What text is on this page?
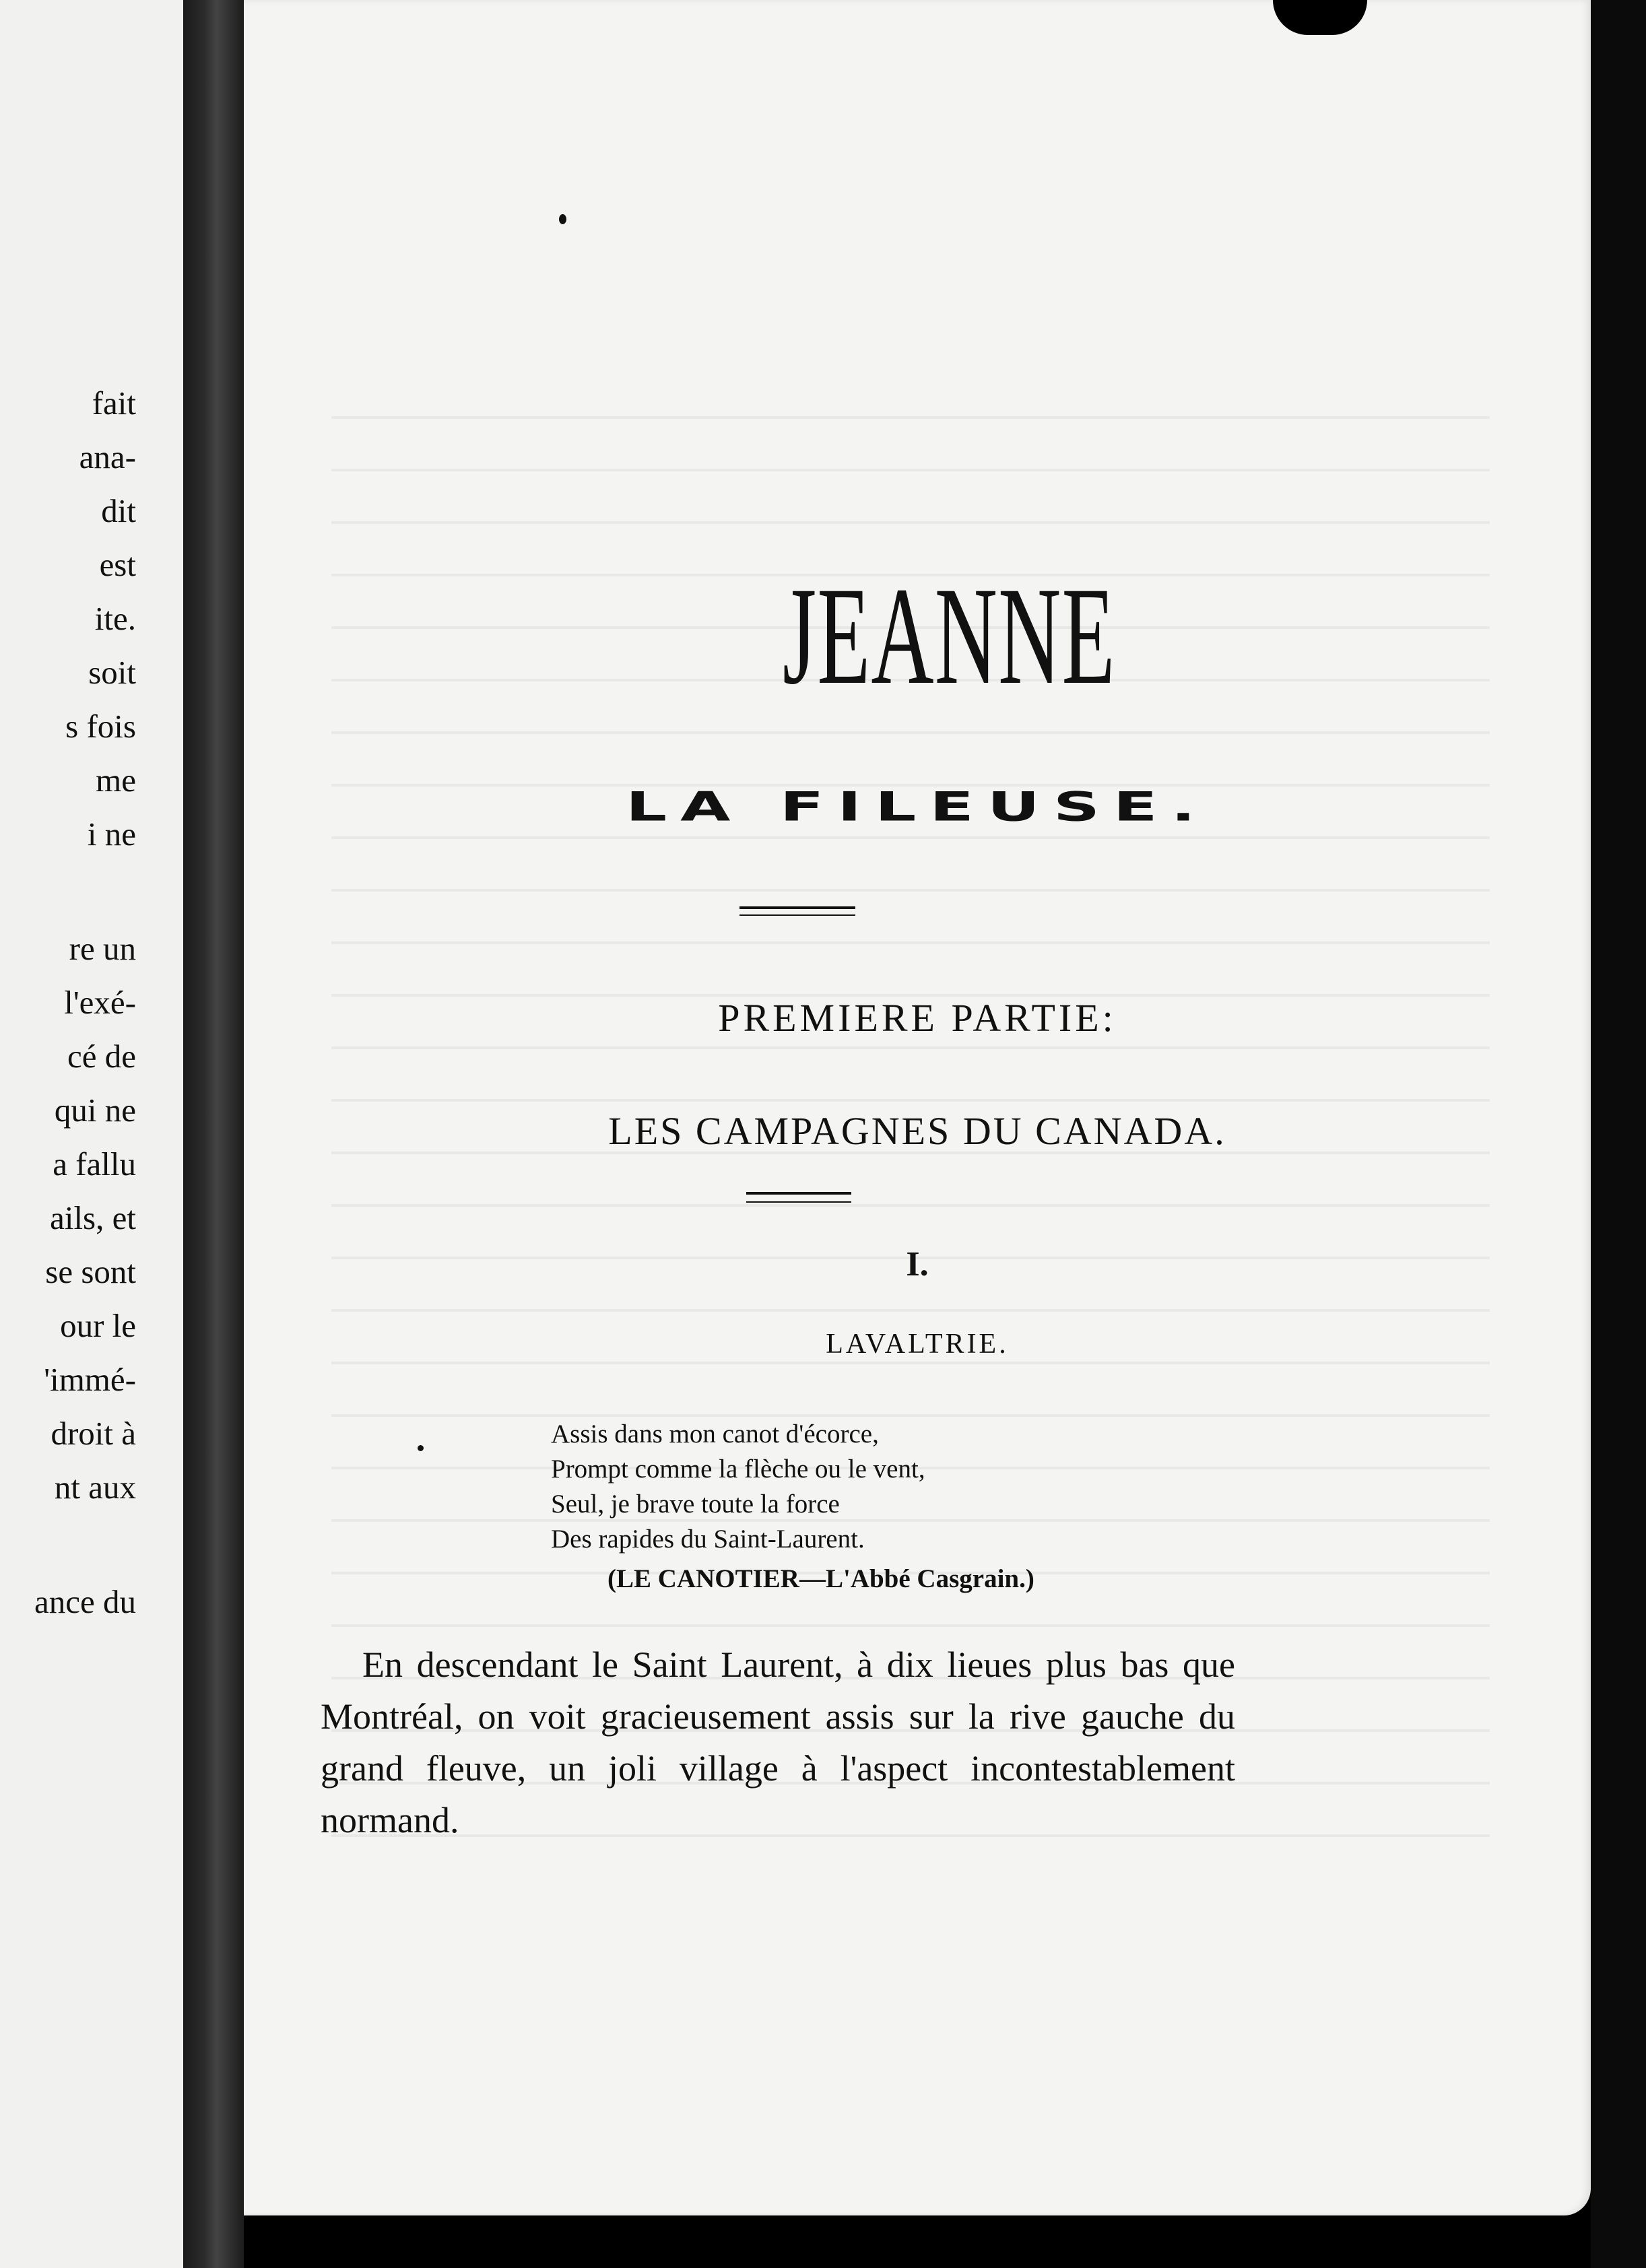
fait
ana-
dit
est
ite.
soit
s fois
me
i ne
re un
l'exé-
cé de
qui ne
a fallu
ails, et
se sont
our le
'immé-
droit à
nt aux
ance du
JEANNE
LA FILEUSE.
PREMIERE PARTIE:
LES CAMPAGNES DU CANADA.
I.
LAVALTRIE.
Assis dans mon canot d'écorce,
Prompt comme la flèche ou le vent,
Seul, je brave toute la force
Des rapides du Saint-Laurent.
(LE CANOTIER—L'Abbé Casgrain.)
En descendant le Saint Laurent, à dix lieues plus bas que Montréal, on voit gracieusement assis sur la rive gauche du grand fleuve, un joli village à l'aspect incontestablement normand.
